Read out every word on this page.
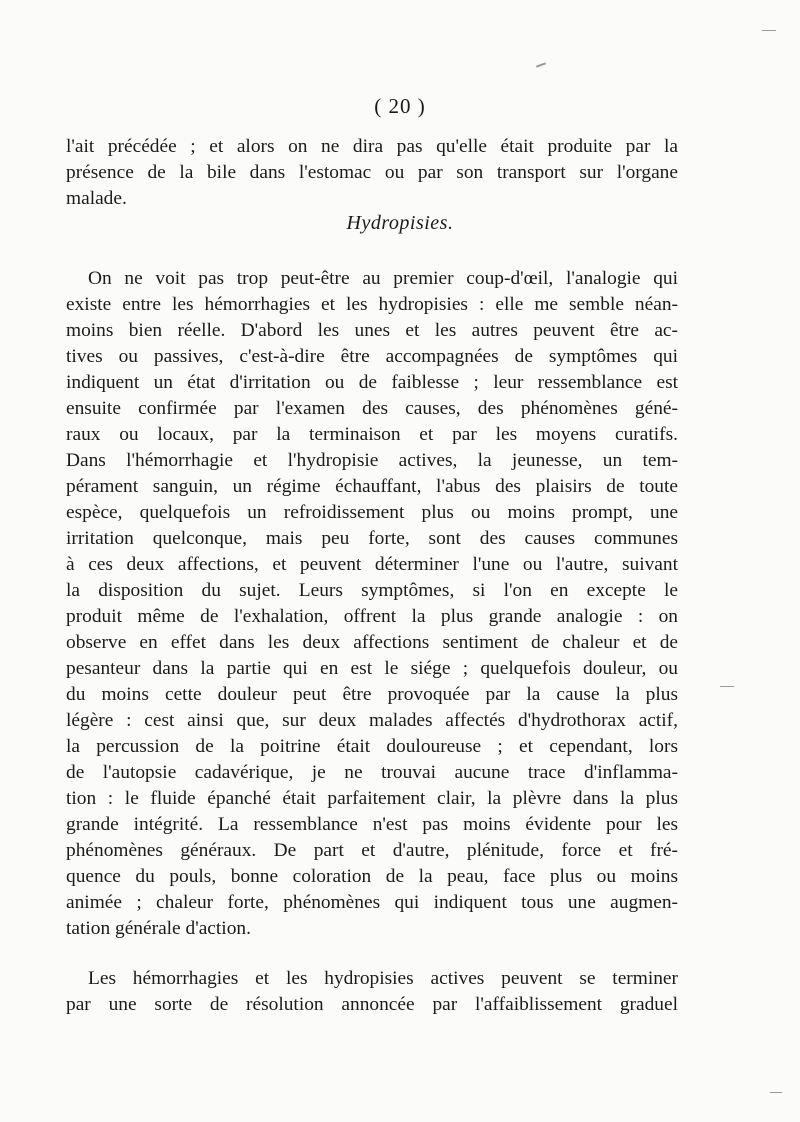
( 20 )
l'ait précédée ; et alors on ne dira pas qu'elle était produite par la
présence de la bile dans l'estomac ou par son transport sur l'organe
malade.
Hydropisies.
On ne voit pas trop peut-être au premier coup-d'œil, l'analogie qui
existe entre les hémorrhagies et les hydropisies : elle me semble néan-
moins bien réelle. D'abord les unes et les autres peuvent être ac-
tives ou passives, c'est-à-dire être accompagnées de symptômes qui
indiquent un état d'irritation ou de faiblesse ; leur ressemblance est
ensuite confirmée par l'examen des causes, des phénomènes géné-
raux ou locaux, par la terminaison et par les moyens curatifs.
Dans l'hémorrhagie et l'hydropisie actives, la jeunesse, un tem-
pérament sanguin, un régime échauffant, l'abus des plaisirs de toute
espèce, quelquefois un refroidissement plus ou moins prompt, une
irritation quelconque, mais peu forte, sont des causes communes
à ces deux affections, et peuvent déterminer l'une ou l'autre, suivant
la disposition du sujet. Leurs symptômes, si l'on en excepte le
produit même de l'exhalation, offrent la plus grande analogie : on
observe en effet dans les deux affections sentiment de chaleur et de
pesanteur dans la partie qui en est le siége ; quelquefois douleur, ou
du moins cette douleur peut être provoquée par la cause la plus
légère : cest ainsi que, sur deux malades affectés d'hydrothorax actif,
la percussion de la poitrine était douloureuse ; et cependant, lors
de l'autopsie cadavérique, je ne trouvai aucune trace d'inflamma-
tion : le fluide épanché était parfaitement clair, la plèvre dans la plus
grande intégrité. La ressemblance n'est pas moins évidente pour les
phénomènes généraux. De part et d'autre, plénitude, force et fré-
quence du pouls, bonne coloration de la peau, face plus ou moins
animée ; chaleur forte, phénomènes qui indiquent tous une augmen-
tation générale d'action.
Les hémorrhagies et les hydropisies actives peuvent se terminer
par une sorte de résolution annoncée par l'affaiblissement graduel
